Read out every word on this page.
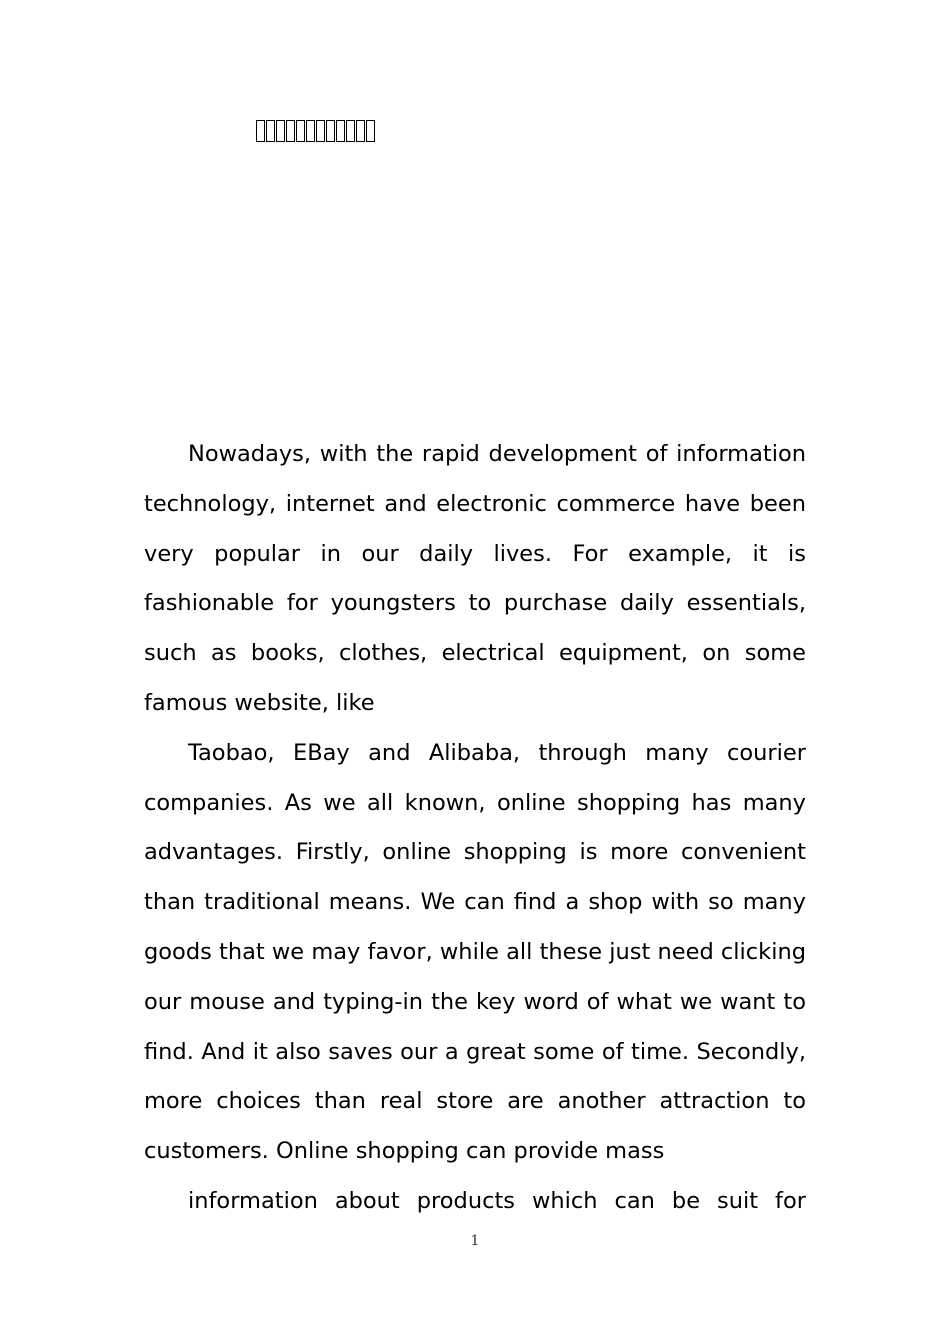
Nowadays, with the rapid development of information technology, internet and electronic commerce have been very popular in our daily lives. For example, it is fashionable for youngsters to purchase daily essentials, such as books, clothes, electrical equipment, on some famous website, like

Taobao, EBay and Alibaba, through many courier companies. As we all known, online shopping has many advantages. Firstly, online shopping is more convenient than traditional means. We can find a shop with so many goods that we may favor, while all these just need clicking our mouse and typing-in the key word of what we want to find. And it also saves our a great some of time. Secondly, more choices than real store are another attraction to customers. Online shopping can provide mass

information about products which can be suit for

1
